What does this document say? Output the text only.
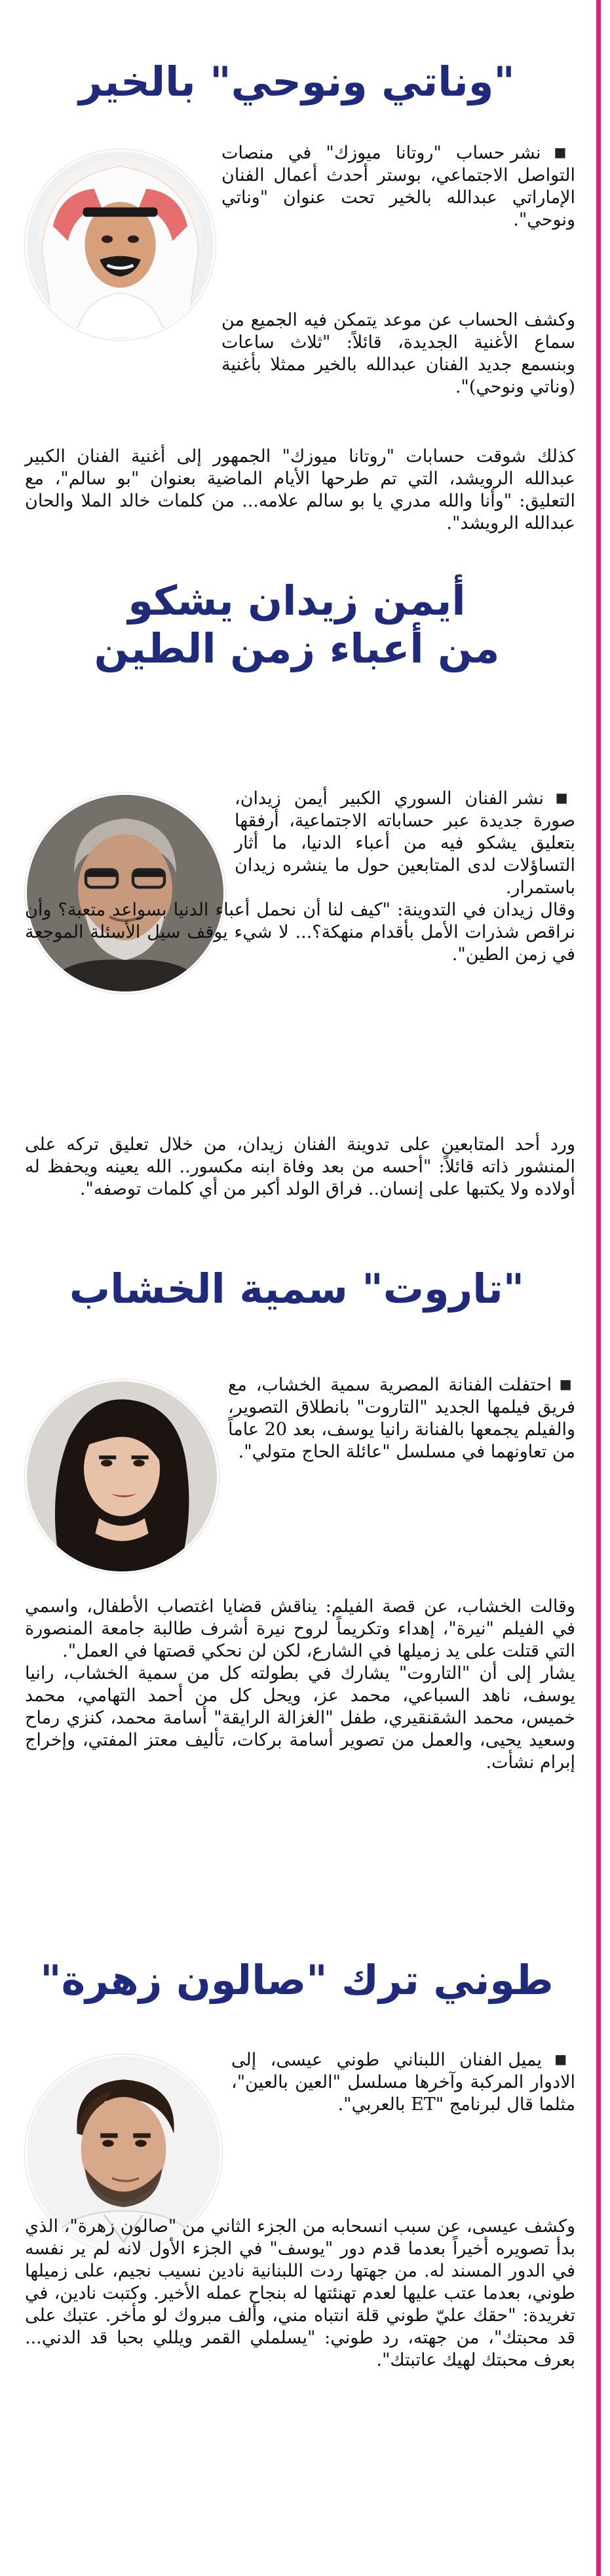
"وناتي ونوحي" بالخير

■ نشر حساب "روتانا ميوزك" في منصات التواصل الاجتماعي، بوستر أحدث أعمال الفنان الإماراتي عبدالله بالخير تحت عنوان "وناتي ونوحي".

وكشف الحساب عن موعد يتمكن فيه الجميع من سماع الأغنية الجديدة، قائلاً: "ثلاث ساعات وبنسمع جديد الفنان عبدالله بالخير ممثلا بأغنية (وناتي ونوحي)".

كذلك شوقت حسابات "روتانا ميوزك" الجمهور إلى أغنية الفنان الكبير عبدالله الرويشد، التي تم طرحها الأيام الماضية بعنوان "بو سالم"، مع التعليق: "وأنا والله مدري يا بو سالم علامه... من كلمات خالد الملا والحان عبدالله الرويشد".

أيمن زيدان يشكو
من أعباء زمن الطين

■ نشر الفنان السوري الكبير أيمن زيدان، صورة جديدة عبر حساباته الاجتماعية، أرفقها بتعليق يشكو فيه من أعباء الدنيا، ما أثار التساؤلات لدى المتابعين حول ما ينشره زيدان باستمرار.

وقال زيدان في التدوينة: "كيف لنا أن نحمل أعباء الدنيا بسواعد متعبة؟ وأن نراقص شذرات الأمل بأقدام منهكة؟... لا شيء يوقف سيل الأسئلة الموجعة في زمن الطين".

ورد أحد المتابعين على تدوينة الفنان زيدان، من خلال تعليق تركه على المنشور ذاته قائلاً: "أحسه من بعد وفاة ابنه مكسور.. الله يعينه ويحفظ له أولاده ولا يكتبها على إنسان.. فراق الولد أكبر من أي كلمات توصفه".

"تاروت" سمية الخشاب

■ احتفلت الفنانة المصرية سمية الخشاب، مع فريق فيلمها الجديد "التاروت" بانطلاق التصوير، والفيلم يجمعها بالفنانة رانيا يوسف، بعد 20 عاماً من تعاونهما في مسلسل "عائلة الحاج متولي".

وقالت الخشاب، عن قصة الفيلم: يناقش قضايا اغتصاب الأطفال، واسمي في الفيلم "نيرة"، إهداء وتكريماً لروح نيرة أشرف طالبة جامعة المنصورة التي قتلت على يد زميلها في الشارع، لكن لن نحكي قصتها في العمل".

يشار إلى أن "التاروت" يشارك في بطولته كل من سمية الخشاب، رانيا يوسف، ناهد السباعي، محمد عز، ويحل كل من أحمد التهامي، محمد خميس، محمد الشقنقيري، طفل "الغزالة الرايقة" أسامة محمد، كنزي رماح وسعيد يحيى، والعمل من تصوير أسامة بركات، تأليف معتز المفتي، وإخراج إبرام نشأت.

طوني ترك "صالون زهرة"

■ يميل الفنان اللبناني طوني عيسى، إلى الادوار المركبة وآخرها مسلسل "العين بالعين"، مثلما قال لبرنامج "ET بالعربي".

وكشف عيسى، عن سبب انسحابه من الجزء الثاني من "صالون زهرة"، الذي بدأ تصويره أخيراً بعدما قدم دور "يوسف" في الجزء الأول لانه لم ير نفسه في الدور المسند له. من جهتها ردت اللبنانية نادين نسيب نجيم، على زميلها طوني، بعدما عتب عليها لعدم تهنئتها له بنجاح عمله الأخير. وكتبت نادين، في تغريدة: "حقك عليّ طوني قلة انتباه مني، وألف مبروك لو مأخر. عتبك على قد محبتك"، من جهته، رد طوني: "يسلملي القمر ويللي بحبا قد الدني... بعرف محبتك لهيك عاتبتك".
